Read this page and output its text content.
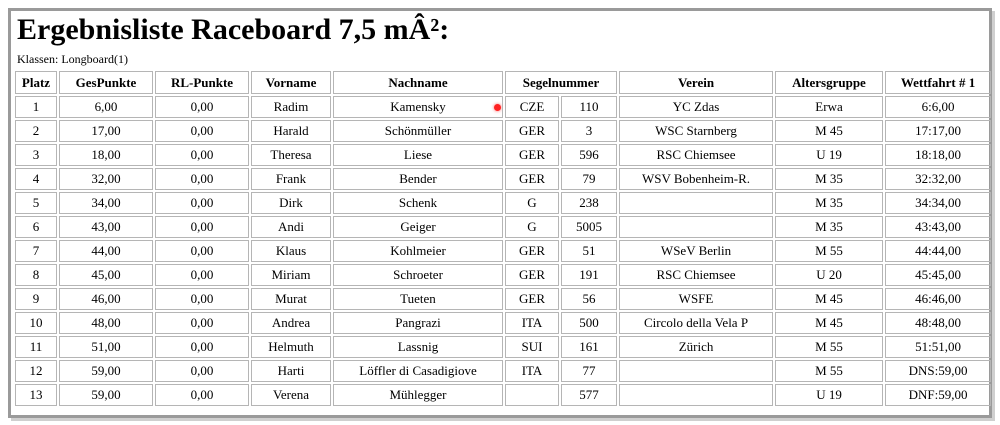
Ergebnisliste Raceboard 7,5 mÂ²:
Klassen: Longboard(1)
Platz	GesPunkte	RL-Punkte	Vorname	Nachname	Segelnummer		Verein	Altersgruppe	Wettfahrt # 1
1	6,00	0,00	Radim	Kamensky	CZE	110	YC Zdas	Erwa	6:6,00
2	17,00	0,00	Harald	Schönmüller	GER	3	WSC Starnberg	M 45	17:17,00
3	18,00	0,00	Theresa	Liese	GER	596	RSC Chiemsee	U 19	18:18,00
4	32,00	0,00	Frank	Bender	GER	79	WSV Bobenheim-R.	M 35	32:32,00
5	34,00	0,00	Dirk	Schenk	G	238		M 35	34:34,00
6	43,00	0,00	Andi	Geiger	G	5005		M 35	43:43,00
7	44,00	0,00	Klaus	Kohlmeier	GER	51	WSeV Berlin	M 55	44:44,00
8	45,00	0,00	Miriam	Schroeter	GER	191	RSC Chiemsee	U 20	45:45,00
9	46,00	0,00	Murat	Tueten	GER	56	WSFE	M 45	46:46,00
10	48,00	0,00	Andrea	Pangrazi	ITA	500	Circolo della Vela P	M 45	48:48,00
11	51,00	0,00	Helmuth	Lassnig	SUI	161	Zürich	M 55	51:51,00
12	59,00	0,00	Harti	Löffler di Casadigiove	ITA	77		M 55	DNS:59,00
13	59,00	0,00	Verena	Mühlegger		577		U 19	DNF:59,00
